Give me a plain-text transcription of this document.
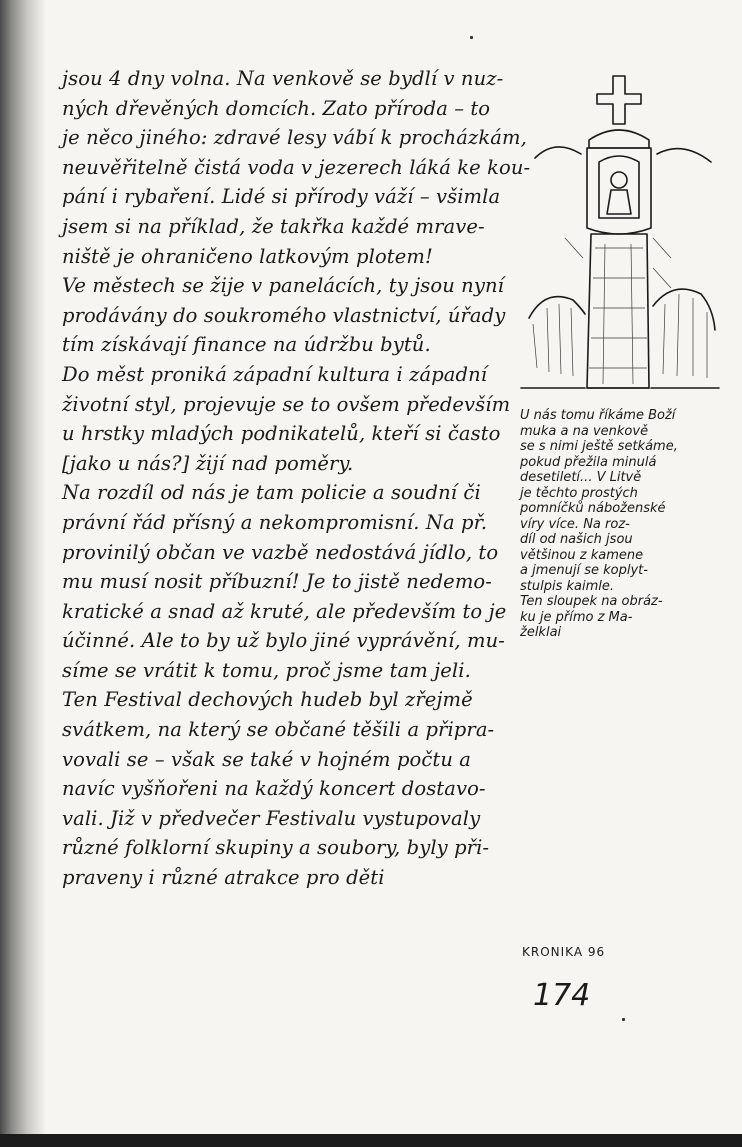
jsou 4 dny volna. Na venkově se bydlí v nuz-
ných dřevěných domcích. Zato příroda – to
je něco jiného: zdravé lesy vábí k procházkám,
neuvěřitelně čistá voda v jezerech láká ke kou-
pání i rybaření. Lidé si přírody váží – všimla
jsem si na příklad, že takřka každé mrave-
niště je ohraničeno latkovým plotem!
Ve městech se žije v panelácích, ty jsou nyní
prodávány do soukromého vlastnictví, úřady
tím získávají finance na údržbu bytů.
Do měst proniká západní kultura i západní
životní styl, projevuje se to ovšem především
u hrstky mladých podnikatelů, kteří si často
[jako u nás?] žijí nad poměry.
Na rozdíl od nás je tam policie a soudní či
právní řád přísný a nekompromisní. Na př.
provinilý občan ve vazbě nedostává jídlo, to
mu musí nosit příbuzní! Je to jistě nedemo-
kratické a snad až kruté, ale především to je
účinné. Ale to by už bylo jiné vyprávění, mu-
síme se vrátit k tomu, proč jsme tam jeli.
Ten Festival dechových hudeb byl zřejmě
svátkem, na který se občané těšili a připra-
vovali se – však se také v hojném počtu a
navíc vyšňořeni na každý koncert dostavo-
vali. Již v předvečer Festivalu vystupovaly
různé folklorní skupiny a soubory, byly při-
praveny i různé atrakce pro děti
U nás tomu říkáme Boží
muka a na venkově
se s nimi ještě setkáme,
pokud přežila minulá
desetiletí... V Litvě
je těchto prostých
pomníčků náboženské
víry více. Na roz-
díl od našich jsou
většinou z kamene
a jmenují se koplyt-
stulpis kaimle.
Ten sloupek na obráz-
ku je přímo z Ma-
želklai
KRONIKA 96
174
